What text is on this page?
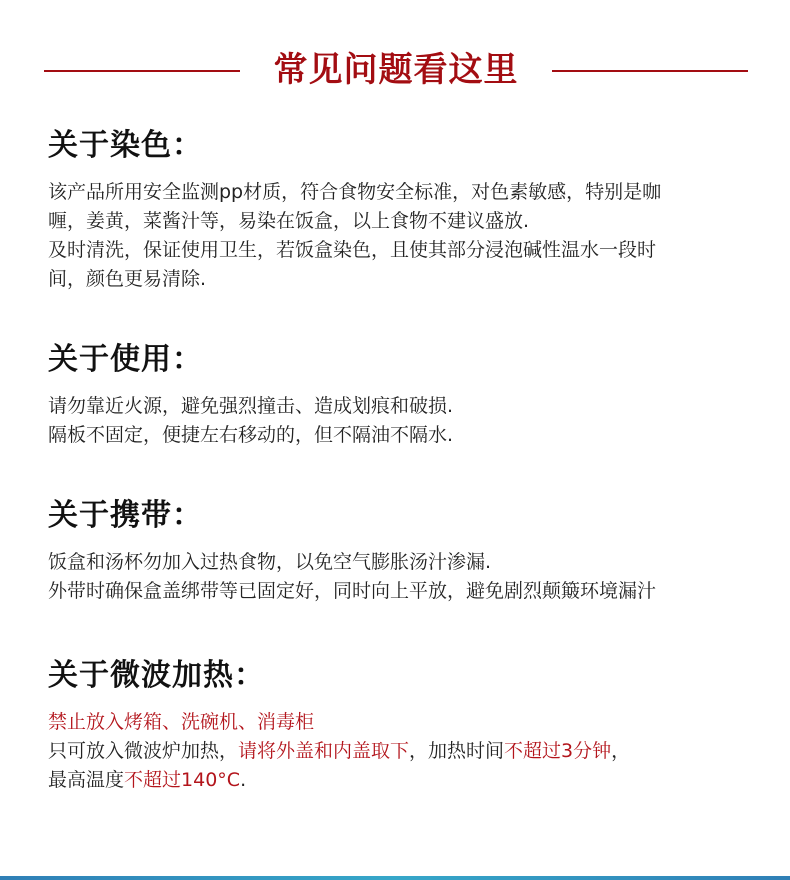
常见问题看这里
关于染色：

该产品所用安全监测pp材质，符合食物安全标准，对色素敏感，特别是咖

喱，姜黄，菜酱汁等，易染在饭盒，以上食物不建议盛放.

及时清洗，保证使用卫生，若饭盒染色，且使其部分浸泡碱性温水一段时

间，颜色更易清除.

关于使用：

请勿靠近火源，避免强烈撞击、造成划痕和破损.

隔板不固定，便捷左右移动的，但不隔油不隔水.

关于携带：

饭盒和汤杯勿加入过热食物，以免空气膨胀汤汁渗漏.

外带时确保盒盖绑带等已固定好，同时向上平放，避免剧烈颠簸环境漏汁

关于微波加热：

禁止放入烤箱、洗碗机、消毒柜

只可放入微波炉加热，请将外盖和内盖取下，加热时间不超过3分钟，

最高温度不超过140°C.
